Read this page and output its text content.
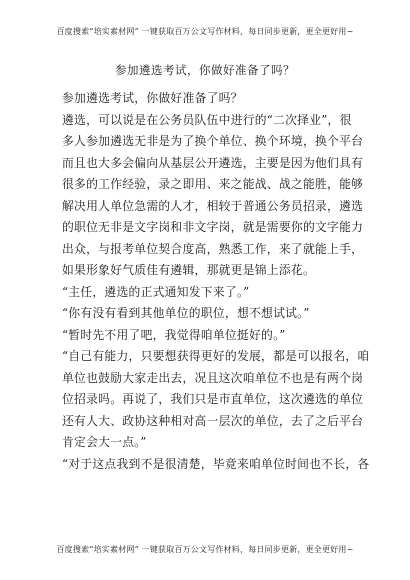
百度搜索“培实素材网” 一键获取百万公文写作材料，每日同步更新，更全更好用~
参加遴选考试，你做好准备了吗？
参加遴选考试，你做好准备了吗？
遴选，可以说是在公务员队伍中进行的“二次择业”，很
多人参加遴选无非是为了换个单位、换个环境，换个平台
而且也大多会偏向从基层公开遴选，主要是因为他们具有
很多的工作经验，录之即用、来之能战、战之能胜，能够
解决用人单位急需的人才，相较于普通公务员招录，遴选
的职位无非是文字岗和非文字岗，就是需要你的文字能力
出众，与报考单位契合度高，熟悉工作，来了就能上手，
如果形象好气质佳有遴辑，那就更是锦上添花。
“主任，遴选的正式通知发下来了。”
“你有没有看到其他单位的职位，想不想试试。”
“暂时先不用了吧，我觉得咱单位挺好的。”
“自己有能力，只要想获得更好的发展，都是可以报名，咱
单位也鼓励大家走出去，况且这次咱单位不也是有两个岗
位招录吗。再说了，我们只是市直单位，这次遴选的单位
还有人大、政协这种相对高一层次的单位，去了之后平台
肯定会大一点。”
“对于这点我到不是很清楚，毕竟来咱单位时间也不长，各
百度搜索“培实素材网” 一键获取百万公文写作材料，每日同步更新，更全更好用~
